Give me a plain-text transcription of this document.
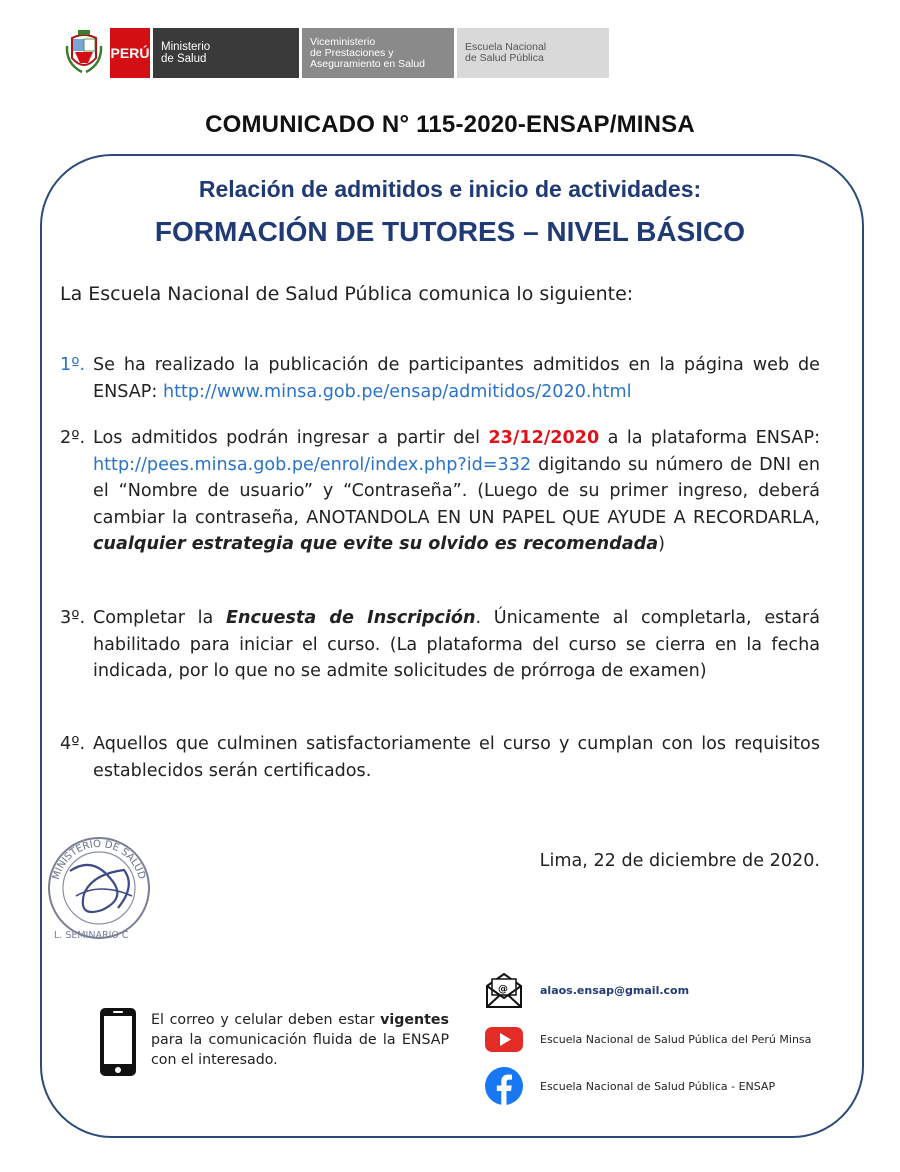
PERÚ Ministerio
de Salud
Viceministerio
de Prestaciones y
Aseguramiento en Salud
Escuela Nacional
de Salud Pública
COMUNICADO N° 115-2020-ENSAP/MINSA
Relación de admitidos e inicio de actividades:
FORMACIÓN DE TUTORES – NIVEL BÁSICO
La Escuela Nacional de Salud Pública comunica lo siguiente:
1º. Se ha realizado la publicación de participantes admitidos en la página web de ENSAP: http://www.minsa.gob.pe/ensap/admitidos/2020.html
2º. Los admitidos podrán ingresar a partir del 23/12/2020 a la plataforma ENSAP: http://pees.minsa.gob.pe/enrol/index.php?id=332 digitando su número de DNI en el “Nombre de usuario” y “Contraseña”. (Luego de su primer ingreso, deberá cambiar la contraseña, ANOTANDOLA EN UN PAPEL QUE AYUDE A RECORDARLA, cualquier estrategia que evite su olvido es recomendada)
3º. Completar la Encuesta de Inscripción. Únicamente al completarla, estará habilitado para iniciar el curso. (La plataforma del curso se cierra en la fecha indicada, por lo que no se admite solicitudes de prórroga de examen)
4º. Aquellos que culminen satisfactoriamente el curso y cumplan con los requisitos establecidos serán certificados.
Lima, 22 de diciembre de 2020.
MINISTERIO DE SALUD
L. SEMINARIO C
El correo y celular deben estar vigentes para la comunicación fluida de la ENSAP con el interesado.
@	alaos.ensap@gmail.com
Escuela Nacional de Salud Pública del Perú Minsa
Escuela Nacional de Salud Pública - ENSAP
